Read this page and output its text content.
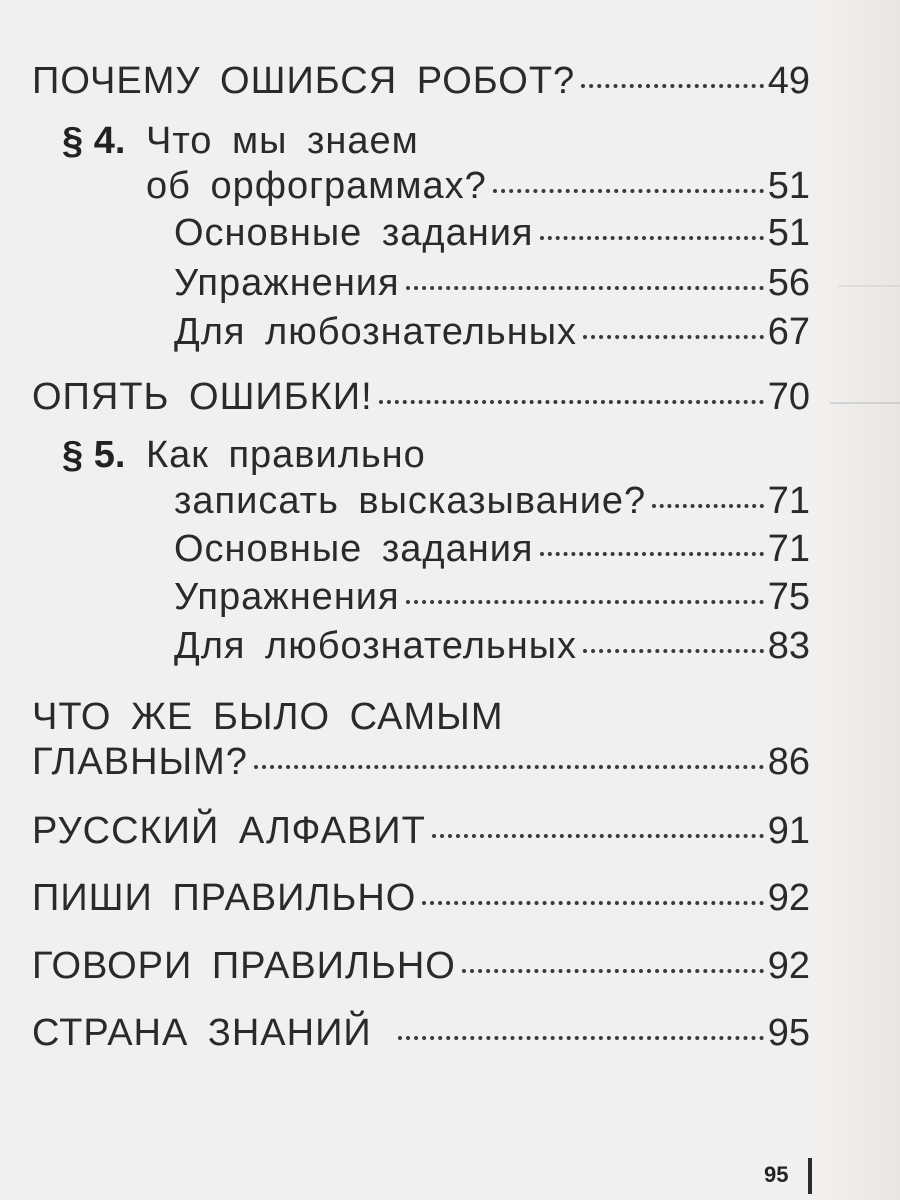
ПОЧЕМУ ОШИБСЯ РОБОТ?	49
§ 4. Что мы знаем
об орфограммах?	51
Основные задания	51
Упражнения	56
Для любознательных	67
ОПЯТЬ ОШИБКИ!	70
§ 5. Как правильно
записать высказывание?	71
Основные задания	71
Упражнения	75
Для любознательных	83
ЧТО ЖЕ БЫЛО САМЫМ
ГЛАВНЫМ?	86
РУССКИЙ АЛФАВИТ	91
ПИШИ ПРАВИЛЬНО	92
ГОВОРИ ПРАВИЛЬНО	92
СТРАНА ЗНАНИЙ	95
95
